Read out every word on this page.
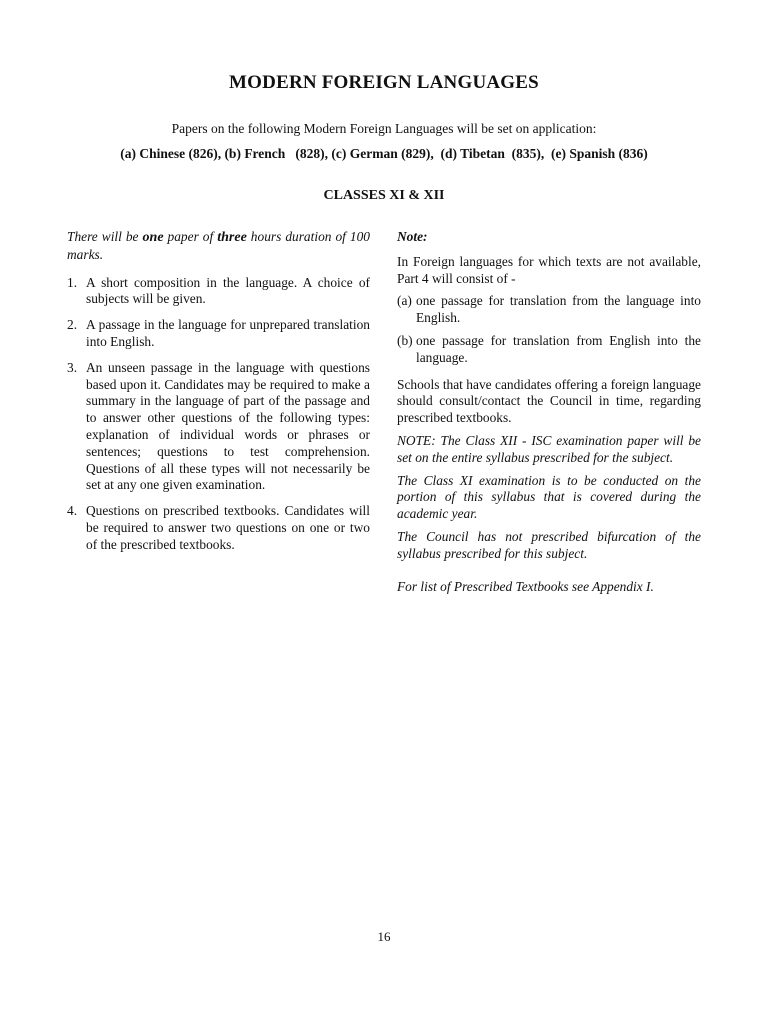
MODERN FOREIGN LANGUAGES
Papers on the following Modern Foreign Languages will be set on application:
(a) Chinese (826), (b) French   (828), (c) German (829),  (d) Tibetan  (835),  (e) Spanish (836)
CLASSES XI & XII

There will be one paper of three hours duration of 100 marks.

1. A short composition in the language. A choice of subjects will be given.
2. A passage in the language for unprepared translation into English.
3. An unseen passage in the language with questions based upon it. Candidates may be required to make a summary in the language of part of the passage and to answer other questions of the following types: explanation of individual words or phrases or sentences; questions to test comprehension. Questions of all these types will not necessarily be set at any one given examination.
4. Questions on prescribed textbooks. Candidates will be required to answer two questions on one or two of the prescribed textbooks.

Note:

In Foreign languages for which texts are not available, Part 4 will consist of -

(a) one passage for translation from the language into English.
(b) one passage for translation from English into the language.

Schools that have candidates offering a foreign language should consult/contact the Council in time, regarding prescribed textbooks.

NOTE: The Class XII - ISC examination paper will be set on the entire syllabus prescribed for the subject.

The Class XI examination is to be conducted on the portion of this syllabus that is covered during the academic year.

The Council has not prescribed bifurcation of the syllabus prescribed for this subject.

For list of Prescribed Textbooks see Appendix I.

16
